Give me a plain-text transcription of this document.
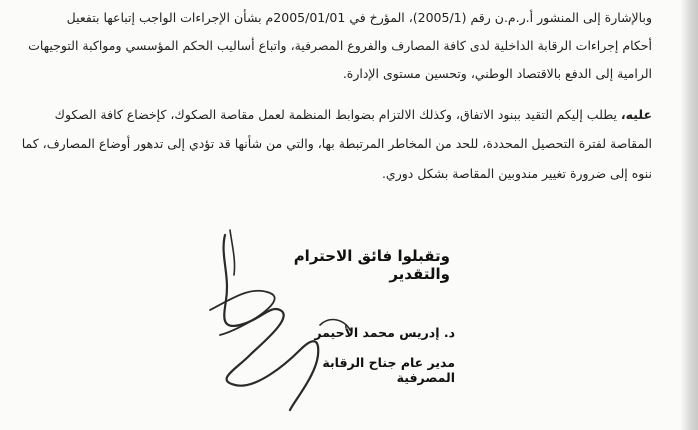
وبالإشارة إلى المنشور أ.ر.م.ن رقم (2005/1)، المؤرخ في 2005/01/01م بشأن الإجراءات الواجب إتباعها بتفعيل
أحكام إجراءات الرقابة الداخلية لدى كافة المصارف والفروع المصرفية، واتباع أساليب الحكم المؤسسي ومواكبة التوجيهات
الرامية إلى الدفع بالاقتصاد الوطني، وتحسين مستوى الإدارة.
عليه، يطلب إليكم التقيد ببنود الاتفاق، وكذلك الالتزام بضوابط المنظمة لعمل مقاصة الصكوك، كإخضاع كافة الصكوك
المقاصة لفترة التحصيل المحددة، للحد من المخاطر المرتبطة بها، والتي من شأنها قد تؤدي إلى تدهور أوضاع المصارف، كما
ننوه إلى ضرورة تغيير مندوبين المقاصة بشكل دوري.
وتقبلوا فائق الاحترام والتقدير
د. إدريس محمد الأحيمر
مدير عام جناح الرقابة المصرفية
